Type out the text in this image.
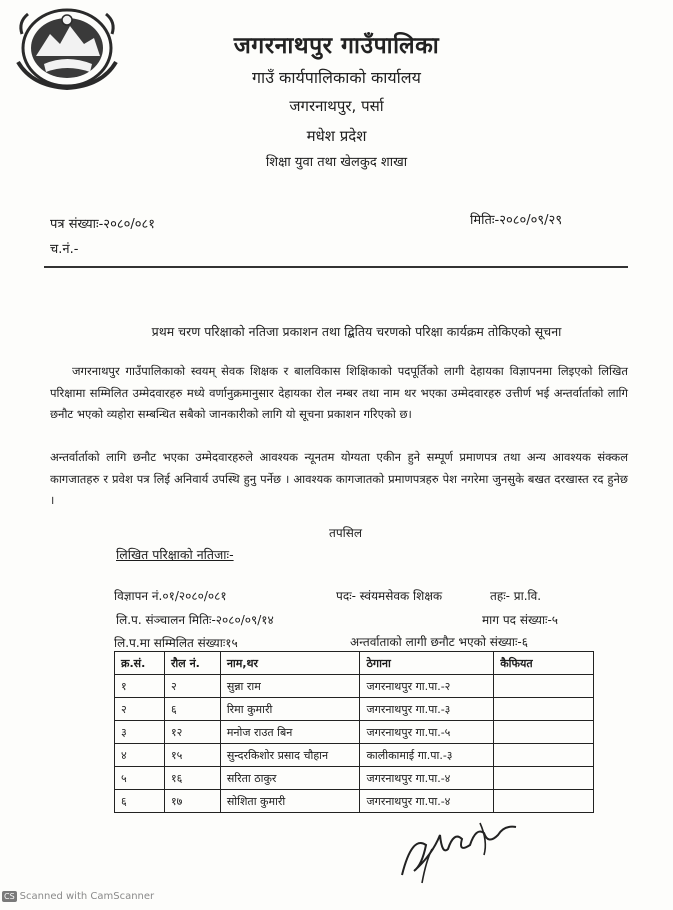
जगरनाथपुर गाउँपालिका
गाउँ कार्यपालिकाको कार्यालय
जगरनाथपुर, पर्सा
मधेश प्रदेश
शिक्षा युवा तथा खेलकुद शाखा
पत्र संख्याः-२०८०/०८१
च.नं.-
मितिः-२०८०/०९/२९
प्रथम चरण परिक्षाको नतिजा प्रकाशन तथा द्बितिय चरणको परिक्षा कार्यक्रम तोकिएको सूचना
जगरनाथपुर गाउँपालिकाको स्वयम् सेवक शिक्षक र बालविकास शिक्षिकाको पदपूर्तिको लागी देहायका विज्ञापनमा लिइएको लिखित परिक्षामा सम्मिलित उम्मेदवारहरु मध्ये वर्णानुक्रमानुसार देहायका रोल नम्बर तथा नाम थर भएका उम्मेदवारहरु उत्तीर्ण भई अन्तर्वार्ताको लागि छनौट भएको व्यहोरा सम्बन्धित सबैको जानकारीको लागि यो सूचना प्रकाशन गरिएको छ।
अन्तर्वार्ताको लागि छनौट भएका उम्मेदवारहरुले आवश्यक न्यूनतम योग्यता एकीन हुने सम्पूर्ण प्रमाणपत्र तथा अन्य आवश्यक संक्कल कागजातहरु र प्रवेश पत्र लिई अनिवार्य उपस्थि हुनु पर्नेछ । आवश्यक कागजातको प्रमाणपत्रहरु पेश नगरेमा जुनसुके बखत दरखास्त रद हुनेछ ।
तपसिल
लिखित परिक्षाको नतिजाः-
विज्ञापन नं.०१/२०८०/०८१	पदः- स्वंयमसेवक शिक्षक	तहः- प्रा.वि.
लि.प. संञ्चालन मितिः-२०८०/०९/१४	माग पद संख्याः-५
लि.प.मा सम्मिलित संख्याः१५	अन्तर्वाताको लागी छनौट भएको संख्याः-६
क्र.सं.	रौल नं.	नाम,थर	ठेगाना	कैफियत
१	२	सुन्ना राम	जगरनाथपुर गा.पा.-२	
२	६	रिमा कुमारी	जगरनाथपुर गा.पा.-३	
३	१२	मनोज राउत बिन	जगरनाथपुर गा.पा.-५	
४	१५	सुन्दरकिशोर प्रसाद चौहान	कालीकामाई गा.पा.-३	
५	१६	सरिता ठाकुर	जगरनाथपुर गा.पा.-४	
६	१७	सोशिता कुमारी	जगरनाथपुर गा.पा.-४	
CS Scanned with CamScanner
